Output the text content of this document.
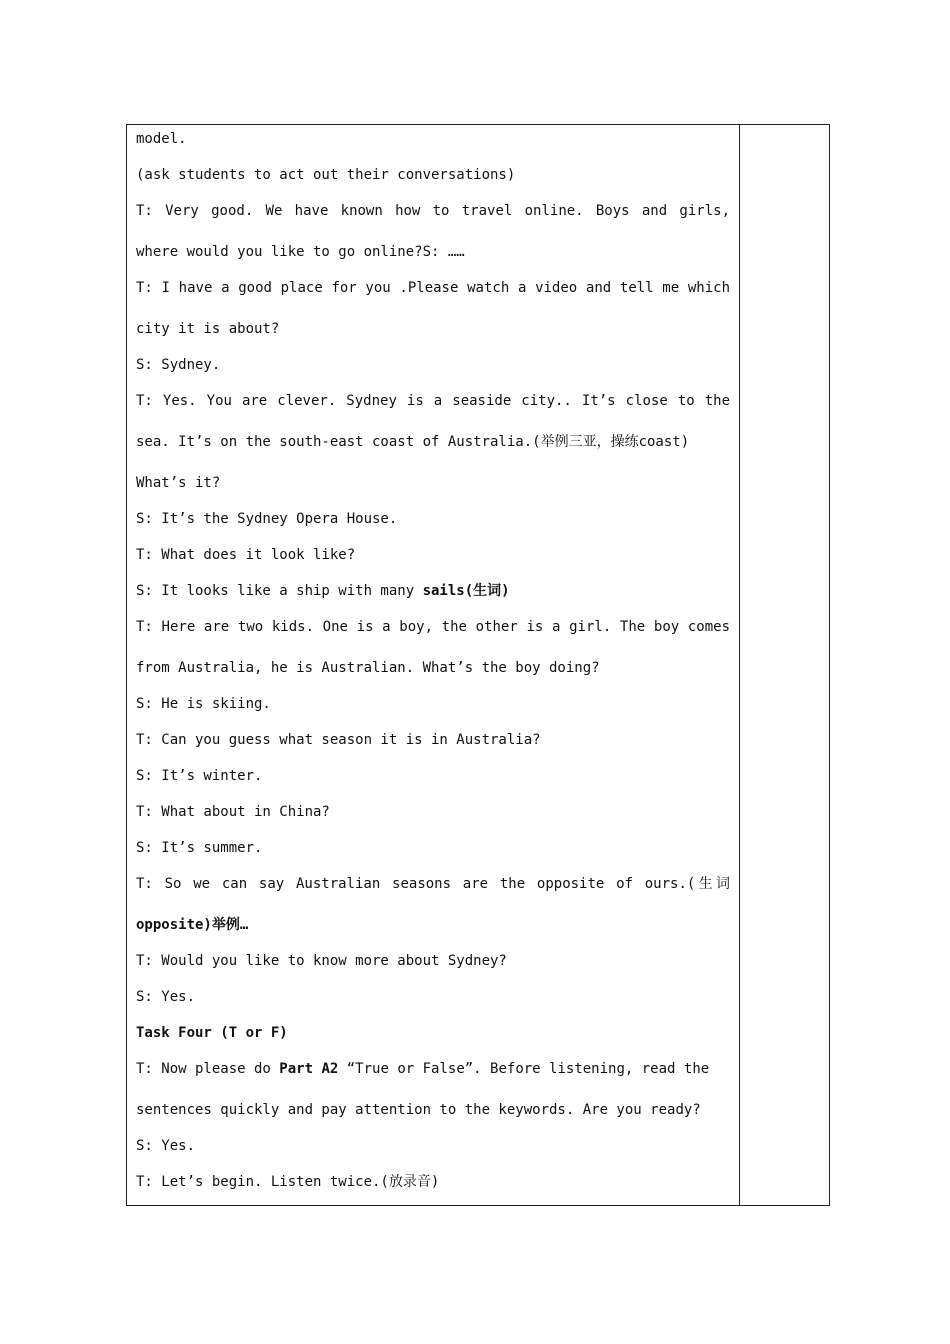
model.
(ask students to act out their conversations)
T: Very good. We have known how to travel online. Boys and girls,
where would you like to go online?S: ……
T: I have a good place for you .Please watch a video and tell me which
city it is about?
S: Sydney.
T: Yes. You are clever. Sydney is a seaside city.. It’s close to the
sea. It’s on the south-east coast of Australia.(举例三亚，操练coast)
What’s it?
S: It’s the Sydney Opera House.
T: What does it look like?
S: It looks like a ship with many sails(生词)
T: Here are two kids. One is a boy, the other is a girl. The boy comes
from Australia, he is Australian. What’s the boy doing?
S: He is skiing.
T: Can you guess what season it is in Australia?
S: It’s winter.
T: What about in China?
S: It’s summer.
T: So we can say Australian seasons are the opposite of ours.(生词
opposite)举例…
T: Would you like to know more about Sydney?
S: Yes.
Task Four (T or F)
T: Now please do Part A2 “True or False”. Before listening, read the
sentences quickly and pay attention to the keywords. Are you ready?
S: Yes.
T: Let’s begin. Listen twice.(放录音)
